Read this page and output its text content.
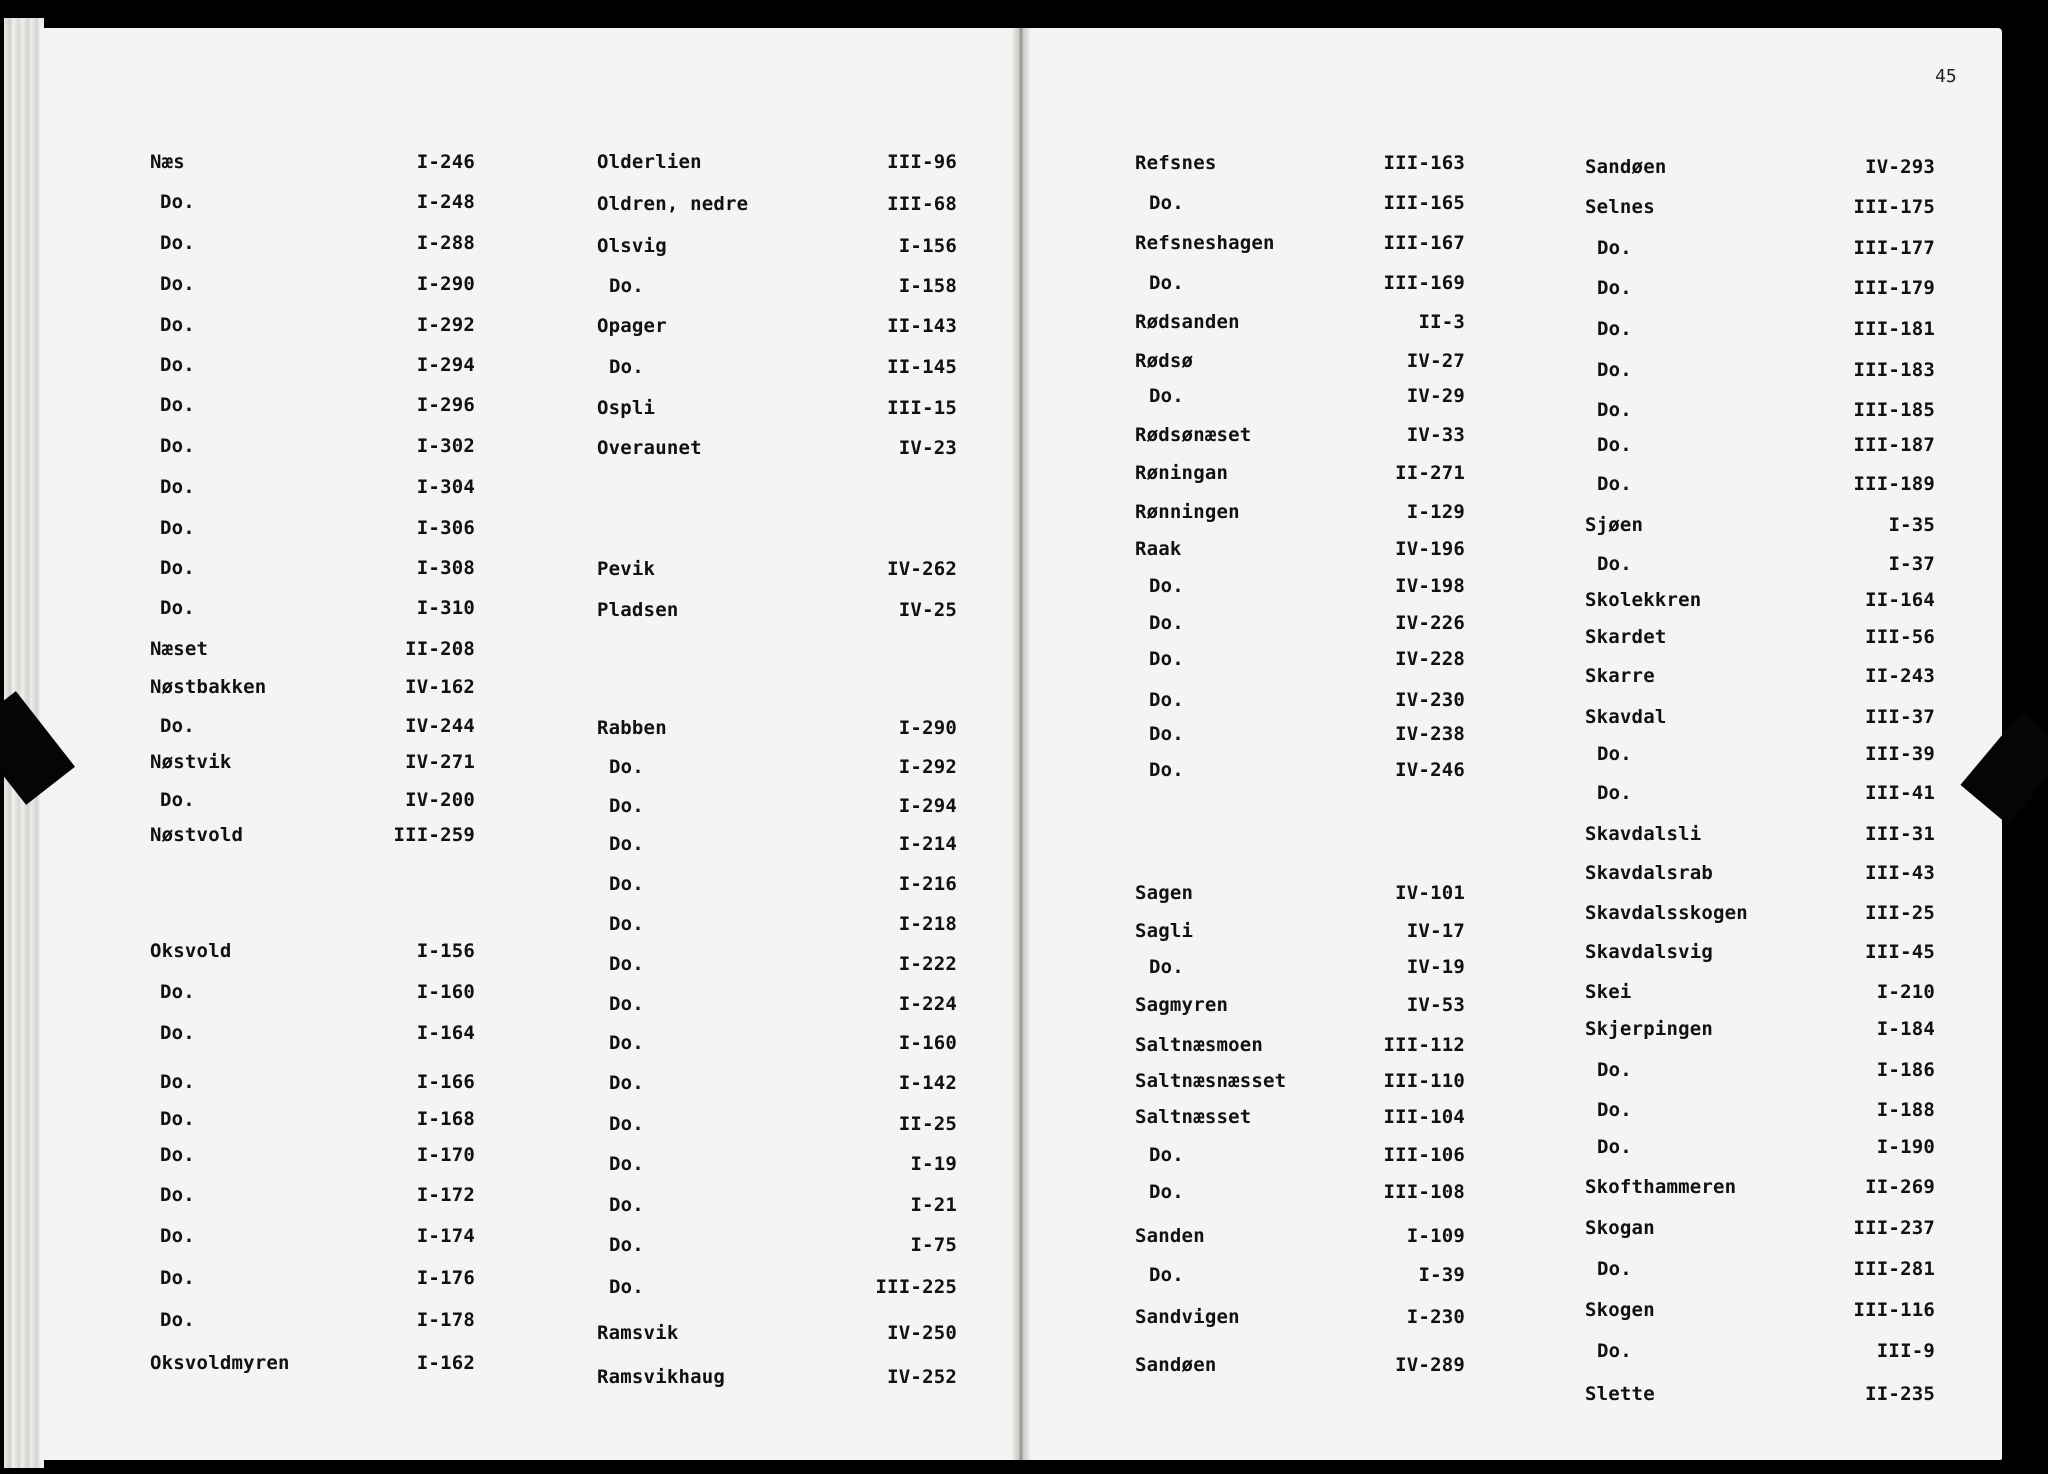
45
Næs	I-246
Do.	I-248
Do.	I-288
Do.	I-290
Do.	I-292
Do.	I-294
Do.	I-296
Do.	I-302
Do.	I-304
Do.	I-306
Do.	I-308
Do.	I-310
Næset	II-208
Nøstbakken	IV-162
Do.	IV-244
Nøstvik	IV-271
Do.	IV-200
Nøstvold	III-259
Oksvold	I-156
Do.	I-160
Do.	I-164
Do.	I-166
Do.	I-168
Do.	I-170
Do.	I-172
Do.	I-174
Do.	I-176
Do.	I-178
Oksvoldmyren	I-162
Olderlien	III-96
Oldren, nedre	III-68
Olsvig	I-156
Do.	I-158
Opager	II-143
Do.	II-145
Ospli	III-15
Overaunet	IV-23
Pevik	IV-262
Pladsen	IV-25
Rabben	I-290
Do.	I-292
Do.	I-294
Do.	I-214
Do.	I-216
Do.	I-218
Do.	I-222
Do.	I-224
Do.	I-160
Do.	I-142
Do.	II-25
Do.	I-19
Do.	I-21
Do.	I-75
Do.	III-225
Ramsvik	IV-250
Ramsvikhaug	IV-252
Refsnes	III-163
Do.	III-165
Refsneshagen	III-167
Do.	III-169
Rødsanden	II-3
Rødsø	IV-27
Do.	IV-29
Rødsønæset	IV-33
Røningan	II-271
Rønningen	I-129
Raak	IV-196
Do.	IV-198
Do.	IV-226
Do.	IV-228
Do.	IV-230
Do.	IV-238
Do.	IV-246
Sagen	IV-101
Sagli	IV-17
Do.	IV-19
Sagmyren	IV-53
Saltnæsmoen	III-112
Saltnæsnæsset	III-110
Saltnæsset	III-104
Do.	III-106
Do.	III-108
Sanden	I-109
Do.	I-39
Sandvigen	I-230
Sandøen	IV-289
Sandøen	IV-293
Selnes	III-175
Do.	III-177
Do.	III-179
Do.	III-181
Do.	III-183
Do.	III-185
Do.	III-187
Do.	III-189
Sjøen	I-35
Do.	I-37
Skolekkren	II-164
Skardet	III-56
Skarre	II-243
Skavdal	III-37
Do.	III-39
Do.	III-41
Skavdalsli	III-31
Skavdalsrab	III-43
Skavdalsskogen	III-25
Skavdalsvig	III-45
Skei	I-210
Skjerpingen	I-184
Do.	I-186
Do.	I-188
Do.	I-190
Skofthammeren	II-269
Skogan	III-237
Do.	III-281
Skogen	III-116
Do.	III-9
Slette	II-235
